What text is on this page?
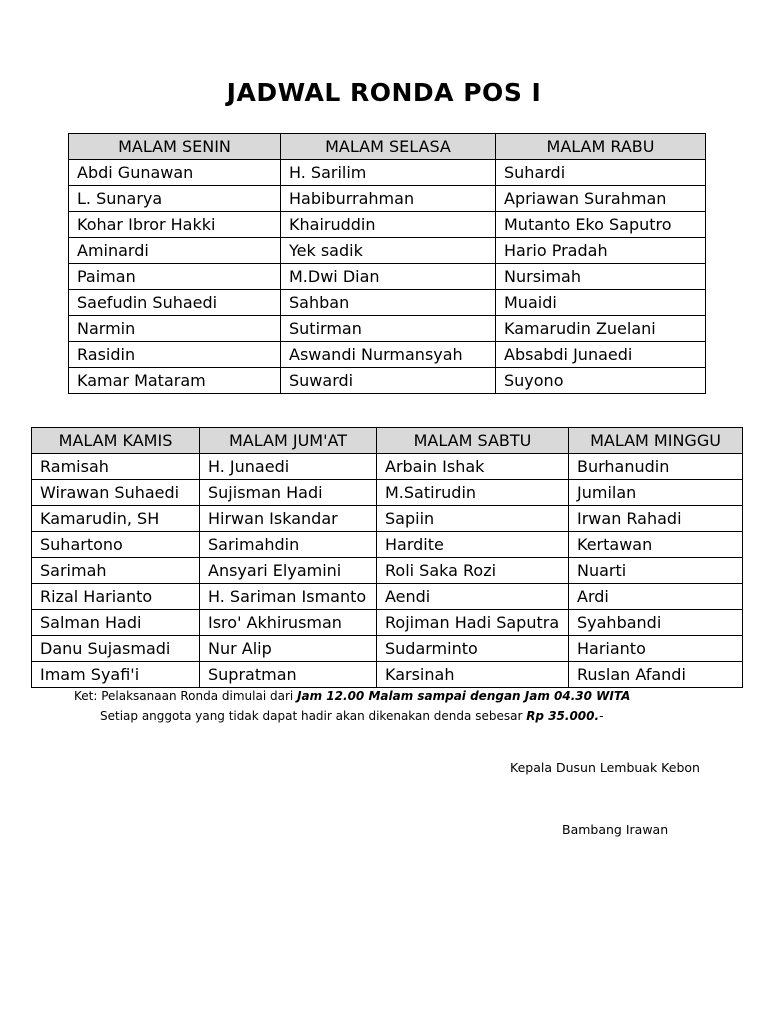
JADWAL RONDA POS I
MALAM SENIN	MALAM SELASA	MALAM RABU
Abdi Gunawan	H. Sarilim	Suhardi
L. Sunarya	Habiburrahman	Apriawan Surahman
Kohar Ibror Hakki	Khairuddin	Mutanto Eko Saputro
Aminardi	Yek sadik	Hario Pradah
Paiman	M.Dwi Dian	Nursimah
Saefudin Suhaedi	Sahban	Muaidi
Narmin	Sutirman	Kamarudin Zuelani
Rasidin	Aswandi Nurmansyah	Absabdi Junaedi
Kamar Mataram	Suwardi	Suyono
MALAM KAMIS	MALAM JUM'AT	MALAM SABTU	MALAM MINGGU
Ramisah	H. Junaedi	Arbain Ishak	Burhanudin
Wirawan Suhaedi	Sujisman Hadi	M.Satirudin	Jumilan
Kamarudin, SH	Hirwan Iskandar	Sapiin	Irwan Rahadi
Suhartono	Sarimahdin	Hardite	Kertawan
Sarimah	Ansyari Elyamini	Roli Saka Rozi	Nuarti
Rizal Harianto	H. Sariman Ismanto	Aendi	Ardi
Salman Hadi	Isro' Akhirusman	Rojiman Hadi Saputra	Syahbandi
Danu Sujasmadi	Nur Alip	Sudarminto	Harianto
Imam Syafi'i	Supratman	Karsinah	Ruslan Afandi
Ket: Pelaksanaan Ronda dimulai dari Jam 12.00 Malam sampai dengan Jam 04.30 WITA
Setiap anggota yang tidak dapat hadir akan dikenakan denda sebesar Rp 35.000.-
Kepala Dusun Lembuak Kebon
Bambang Irawan
